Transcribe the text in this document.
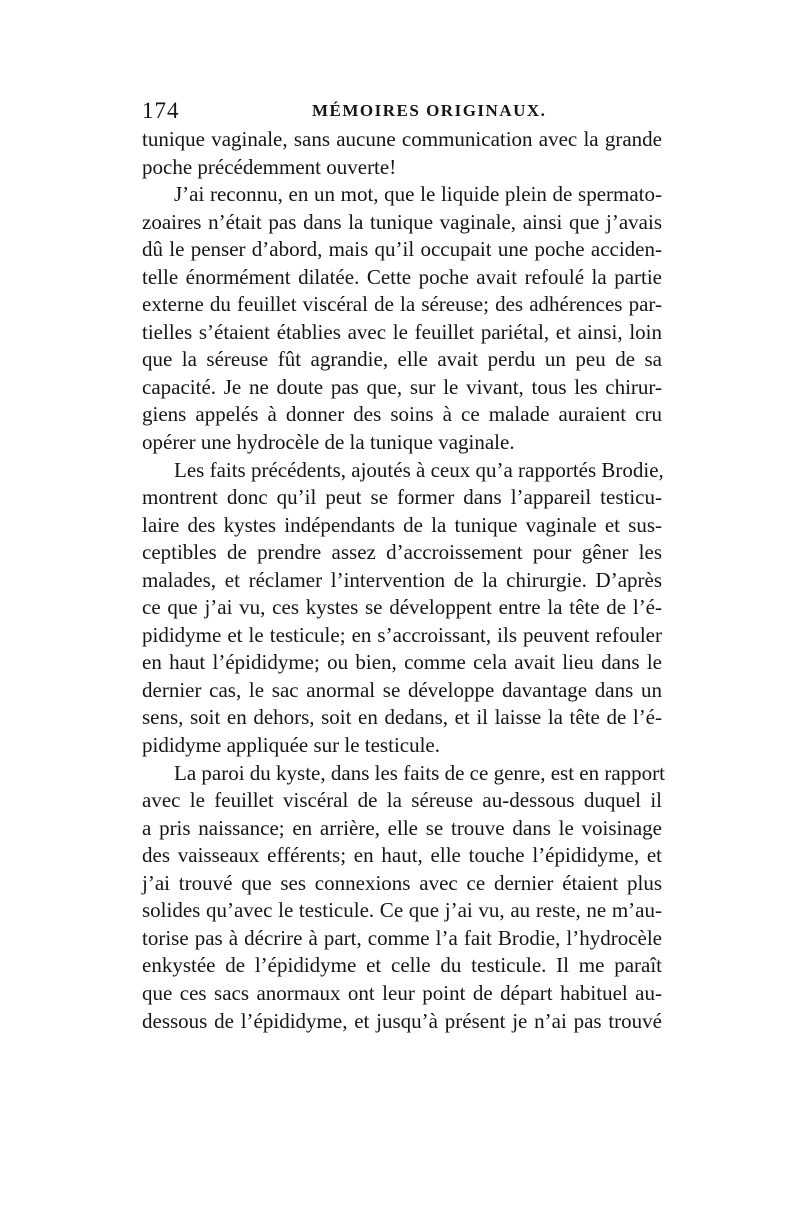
174	MÉMOIRES ORIGINAUX.
tunique vaginale, sans aucune communication avec la grande
poche précédemment ouverte!
J’ai reconnu, en un mot, que le liquide plein de spermato-
zoaires n’était pas dans la tunique vaginale, ainsi que j’avais
dû le penser d’abord, mais qu’il occupait une poche acciden-
telle énormément dilatée. Cette poche avait refoulé la partie
externe du feuillet viscéral de la séreuse; des adhérences par-
tielles s’étaient établies avec le feuillet pariétal, et ainsi, loin
que la séreuse fût agrandie, elle avait perdu un peu de sa
capacité. Je ne doute pas que, sur le vivant, tous les chirur-
giens appelés à donner des soins à ce malade auraient cru
opérer une hydrocèle de la tunique vaginale.
Les faits précédents, ajoutés à ceux qu’a rapportés Brodie,
montrent donc qu’il peut se former dans l’appareil testicu-
laire des kystes indépendants de la tunique vaginale et sus-
ceptibles de prendre assez d’accroissement pour gêner les
malades, et réclamer l’intervention de la chirurgie. D’après
ce que j’ai vu, ces kystes se développent entre la tête de l’é-
pididyme et le testicule; en s’accroissant, ils peuvent refouler
en haut l’épididyme; ou bien, comme cela avait lieu dans le
dernier cas, le sac anormal se développe davantage dans un
sens, soit en dehors, soit en dedans, et il laisse la tête de l’é-
pididyme appliquée sur le testicule.
La paroi du kyste, dans les faits de ce genre, est en rapport
avec le feuillet viscéral de la séreuse au-dessous duquel il
a pris naissance; en arrière, elle se trouve dans le voisinage
des vaisseaux efférents; en haut, elle touche l’épididyme, et
j’ai trouvé que ses connexions avec ce dernier étaient plus
solides qu’avec le testicule. Ce que j’ai vu, au reste, ne m’au-
torise pas à décrire à part, comme l’a fait Brodie, l’hydrocèle
enkystée de l’épididyme et celle du testicule. Il me paraît
que ces sacs anormaux ont leur point de départ habituel au-
dessous de l’épididyme, et jusqu’à présent je n’ai pas trouvé
